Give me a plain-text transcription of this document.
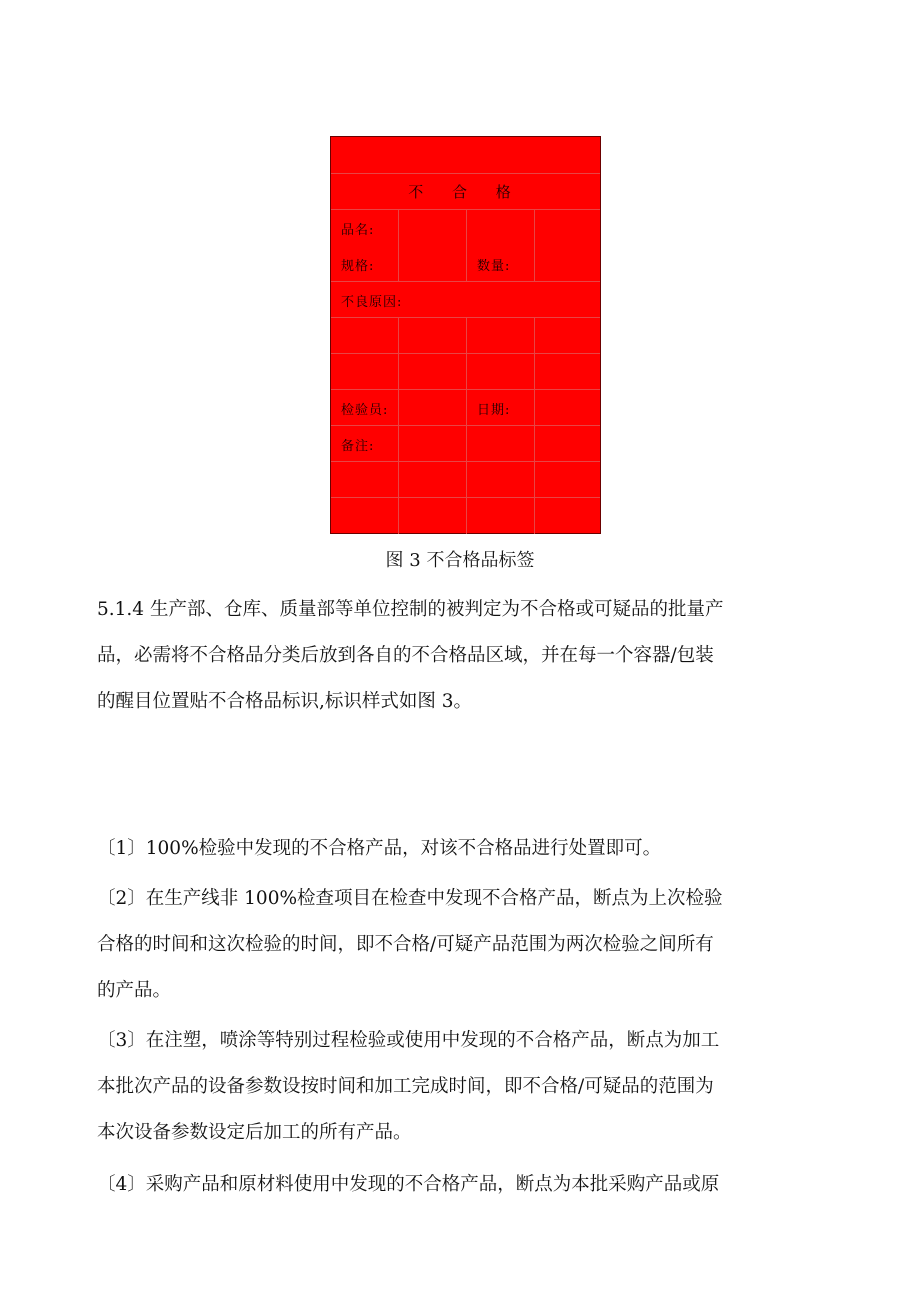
不 合 格
品名:
规格:	数量:
不良原因:
检验员:	日期:
备注:
图 3 不合格品标签

5.1.4 生产部、仓库、质量部等单位控制的被判定为不合格或可疑品的批量产
品，必需将不合格品分类后放到各自的不合格品区域，并在每一个容器/包装
的醒目位置贴不合格品标识,标识样式如图 3。

〔1〕100%检验中发现的不合格产品，对该不合格品进行处置即可。

〔2〕在生产线非 100%检查项目在检查中发现不合格产品，断点为上次检验
合格的时间和这次检验的时间，即不合格/可疑产品范围为两次检验之间所有
的产品。

〔3〕在注塑，喷涂等特别过程检验或使用中发现的不合格产品，断点为加工
本批次产品的设备参数设按时间和加工完成时间，即不合格/可疑品的范围为
本次设备参数设定后加工的所有产品。

〔4〕采购产品和原材料使用中发现的不合格产品，断点为本批采购产品或原
